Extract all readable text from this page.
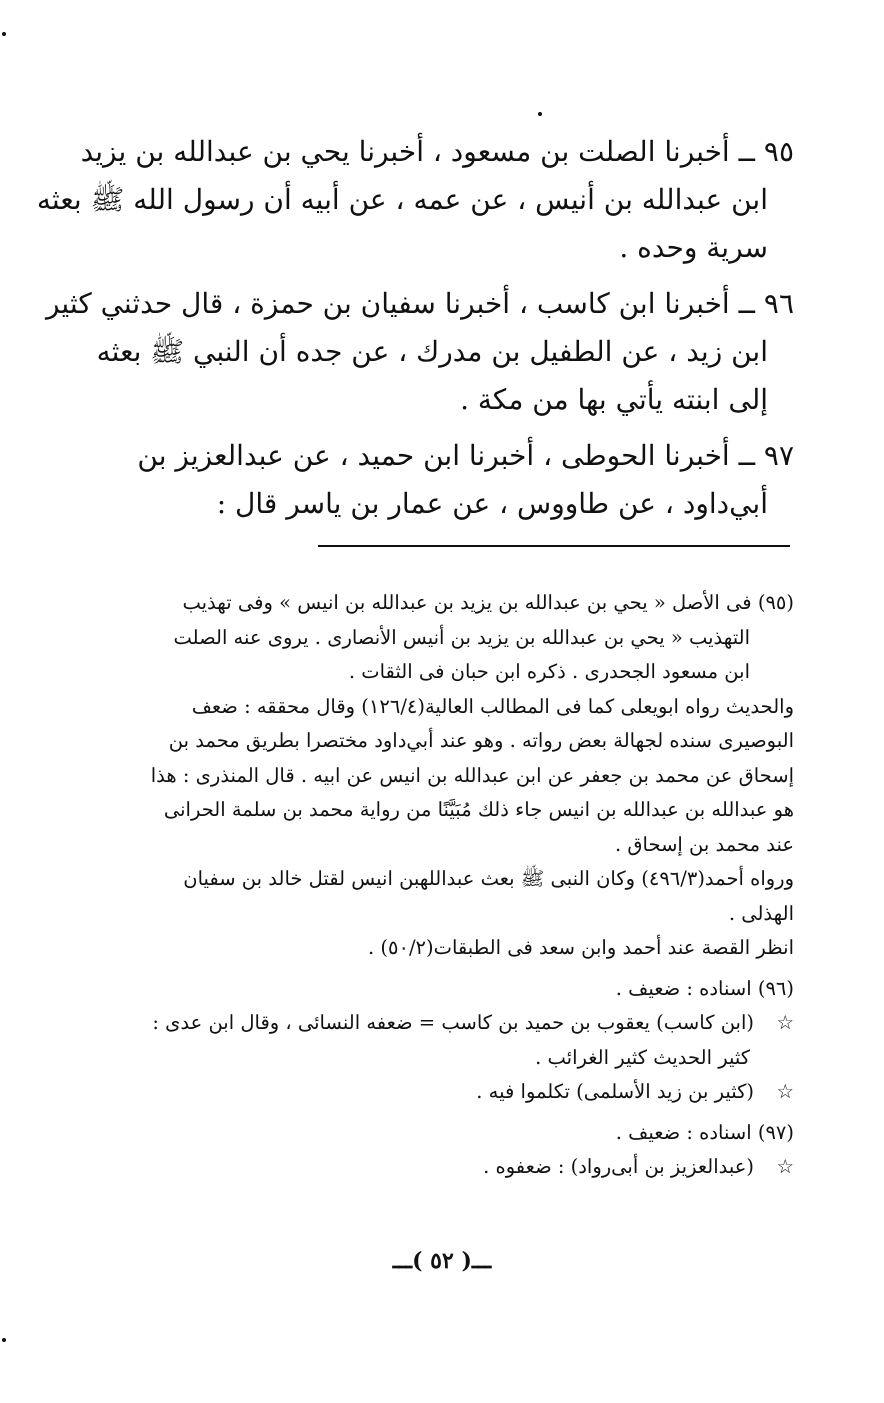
٩٥ ــ أخبرنا الصلت بن مسعود ، أخبرنا يحي بن عبدالله بن يزيد
ابن عبدالله بن أنيس ، عن عمه ، عن أبيه أن رسول الله ﷺ بعثه
سرية وحده .
٩٦ ــ أخبرنا ابن كاسب ، أخبرنا سفيان بن حمزة ، قال حدثني كثير
ابن زيد ، عن الطفيل بن مدرك ، عن جده أن النبي ﷺ بعثه
إلى ابنته يأتي بها من مكة .
٩٧ ــ أخبرنا الحوطى ، أخبرنا ابن حميد ، عن عبدالعزيز بن
أبي‌داود ، عن طاووس ، عن عمار بن ياسر قال :
(٩٥) فى الأصل « يحي بن عبدالله بن يزيد بن عبدالله بن انيس » وفى تهذيب
التهذيب « يحي بن عبدالله بن يزيد بن أنيس الأنصارى . يروى عنه الصلت
ابن مسعود الجحدرى . ذكره ابن حبان فى الثقات .
والحديث رواه ابويعلى كما فى المطالب العالية(١٢٦/٤) وقال محققه : ضعف
البوصيرى سنده لجهالة بعض رواته . وهو عند أبي‌داود مختصرا بطريق محمد بن
إسحاق عن محمد بن جعفر عن ابن عبدالله بن انيس عن ابيه . قال المنذرى : هذا
هو عبدالله بن عبدالله بن انيس جاء ذلك مُبَيَّنًا من رواية محمد بن سلمة الحرانى
عند محمد بن إسحاق .
ورواه أحمد(٤٩٦/٣) وكان النبى ﷺ بعث عبداللهبن انيس لقتل خالد بن سفيان
الهذلى .
انظر القصة عند أحمد وابن سعد فى الطبقات(٥٠/٢) .
(٩٦) اسناده : ضعيف .
☆(ابن كاسب) يعقوب بن حميد بن كاسب = ضعفه النسائى ، وقال ابن عدى :
كثير الحديث كثير الغرائب .
☆(كثير بن زيد الأسلمى) تكلموا فيه .
(٩٧) اسناده : ضعيف .
☆(عبدالعزيز بن أبى‌رواد) : ضعفوه .
ـــ( ٥٢ )ـــ
